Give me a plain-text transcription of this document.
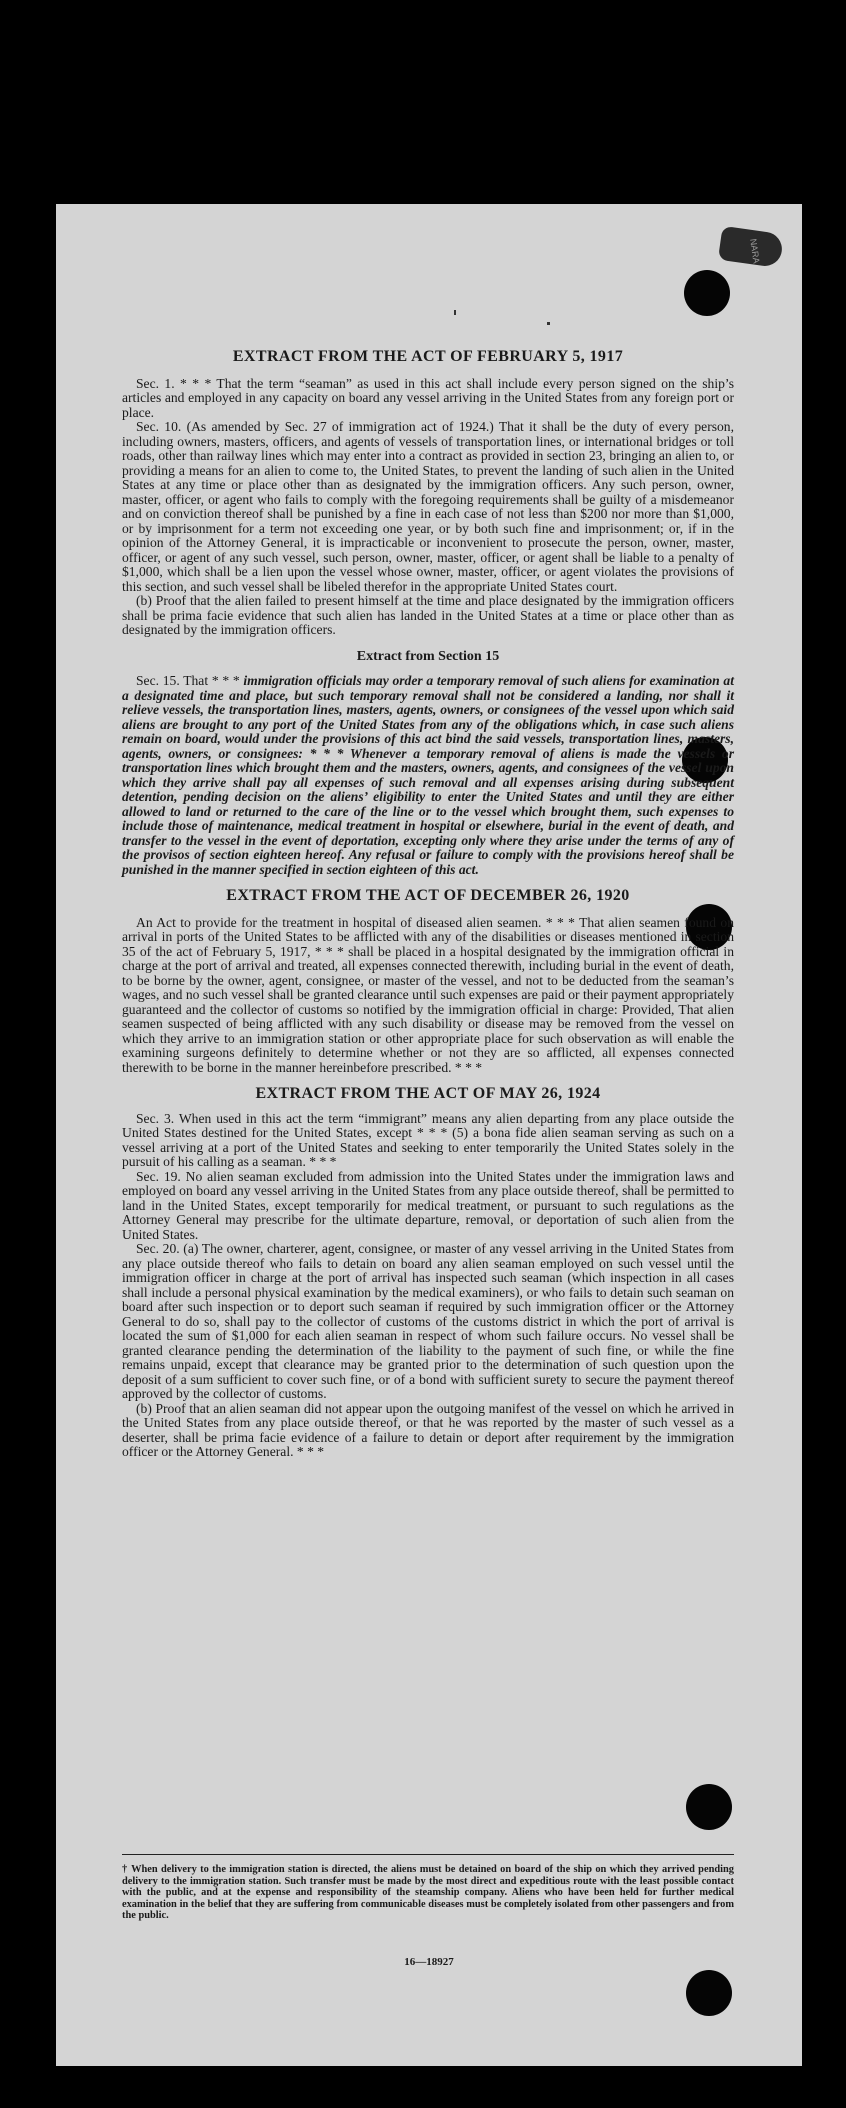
NARA

EXTRACT FROM THE ACT OF FEBRUARY 5, 1917

Sec. 1. * * * That the term “seaman” as used in this act shall include every person signed on the ship’s articles and employed in any capacity on board any vessel arriving in the United States from any foreign port or place.

Sec. 10. (As amended by Sec. 27 of immigration act of 1924.) That it shall be the duty of every person, including owners, masters, officers, and agents of vessels of transportation lines, or international bridges or toll roads, other than railway lines which may enter into a contract as provided in section 23, bringing an alien to, or providing a means for an alien to come to, the United States, to prevent the landing of such alien in the United States at any time or place other than as designated by the immigration officers. Any such person, owner, master, officer, or agent who fails to comply with the foregoing requirements shall be guilty of a misdemeanor and on conviction thereof shall be punished by a fine in each case of not less than $200 nor more than $1,000, or by imprisonment for a term not exceeding one year, or by both such fine and imprisonment; or, if in the opinion of the Attorney General, it is impracticable or inconvenient to prosecute the person, owner, master, officer, or agent of any such vessel, such person, owner, master, officer, or agent shall be liable to a penalty of $1,000, which shall be a lien upon the vessel whose owner, master, officer, or agent violates the provisions of this section, and such vessel shall be libeled therefor in the appropriate United States court.

(b) Proof that the alien failed to present himself at the time and place designated by the immigration officers shall be prima facie evidence that such alien has landed in the United States at a time or place other than as designated by the immigration officers.

Extract from Section 15

Sec. 15. That * * * immigration officials may order a temporary removal of such aliens for examination at a designated time and place, but such temporary removal shall not be considered a landing, nor shall it relieve vessels, the transportation lines, masters, agents, owners, or consignees of the vessel upon which said aliens are brought to any port of the United States from any of the obligations which, in case such aliens remain on board, would under the provisions of this act bind the said vessels, transportation lines, masters, agents, owners, or consignees: * * * Whenever a temporary removal of aliens is made the vessels or transportation lines which brought them and the masters, owners, agents, and consignees of the vessel upon which they arrive shall pay all expenses of such removal and all expenses arising during subsequent detention, pending decision on the aliens’ eligibility to enter the United States and until they are either allowed to land or returned to the care of the line or to the vessel which brought them, such expenses to include those of maintenance, medical treatment in hospital or elsewhere, burial in the event of death, and transfer to the vessel in the event of deportation, excepting only where they arise under the terms of any of the provisos of section eighteen hereof. Any refusal or failure to comply with the provisions hereof shall be punished in the manner specified in section eighteen of this act.

EXTRACT FROM THE ACT OF DECEMBER 26, 1920

An Act to provide for the treatment in hospital of diseased alien seamen. * * * That alien seamen found on arrival in ports of the United States to be afflicted with any of the disabilities or diseases mentioned in section 35 of the act of February 5, 1917, * * * shall be placed in a hospital designated by the immigration official in charge at the port of arrival and treated, all expenses connected therewith, including burial in the event of death, to be borne by the owner, agent, consignee, or master of the vessel, and not to be deducted from the seaman’s wages, and no such vessel shall be granted clearance until such expenses are paid or their payment appropriately guaranteed and the collector of customs so notified by the immigration official in charge: Provided, That alien seamen suspected of being afflicted with any such disability or disease may be removed from the vessel on which they arrive to an immigration station or other appropriate place for such observation as will enable the examining surgeons definitely to determine whether or not they are so afflicted, all expenses connected therewith to be borne in the manner hereinbefore prescribed. * * *

EXTRACT FROM THE ACT OF MAY 26, 1924

Sec. 3. When used in this act the term “immigrant” means any alien departing from any place outside the United States destined for the United States, except * * * (5) a bona fide alien seaman serving as such on a vessel arriving at a port of the United States and seeking to enter temporarily the United States solely in the pursuit of his calling as a seaman. * * *

Sec. 19. No alien seaman excluded from admission into the United States under the immigration laws and employed on board any vessel arriving in the United States from any place outside thereof, shall be permitted to land in the United States, except temporarily for medical treatment, or pursuant to such regulations as the Attorney General may prescribe for the ultimate departure, removal, or deportation of such alien from the United States.

Sec. 20. (a) The owner, charterer, agent, consignee, or master of any vessel arriving in the United States from any place outside thereof who fails to detain on board any alien seaman employed on such vessel until the immigration officer in charge at the port of arrival has inspected such seaman (which inspection in all cases shall include a personal physical examination by the medical examiners), or who fails to detain such seaman on board after such inspection or to deport such seaman if required by such immigration officer or the Attorney General to do so, shall pay to the collector of customs of the customs district in which the port of arrival is located the sum of $1,000 for each alien seaman in respect of whom such failure occurs. No vessel shall be granted clearance pending the determination of the liability to the payment of such fine, or while the fine remains unpaid, except that clearance may be granted prior to the determination of such question upon the deposit of a sum sufficient to cover such fine, or of a bond with sufficient surety to secure the payment thereof approved by the collector of customs.

(b) Proof that an alien seaman did not appear upon the outgoing manifest of the vessel on which he arrived in the United States from any place outside thereof, or that he was reported by the master of such vessel as a deserter, shall be prima facie evidence of a failure to detain or deport after requirement by the immigration officer or the Attorney General. * * *

† When delivery to the immigration station is directed, the aliens must be detained on board of the ship on which they arrived pending delivery to the immigration station. Such transfer must be made by the most direct and expeditious route with the least possible contact with the public, and at the expense and responsibility of the steamship company. Aliens who have been held for further medical examination in the belief that they are suffering from communicable diseases must be completely isolated from other passengers and from the public.
16—18927
